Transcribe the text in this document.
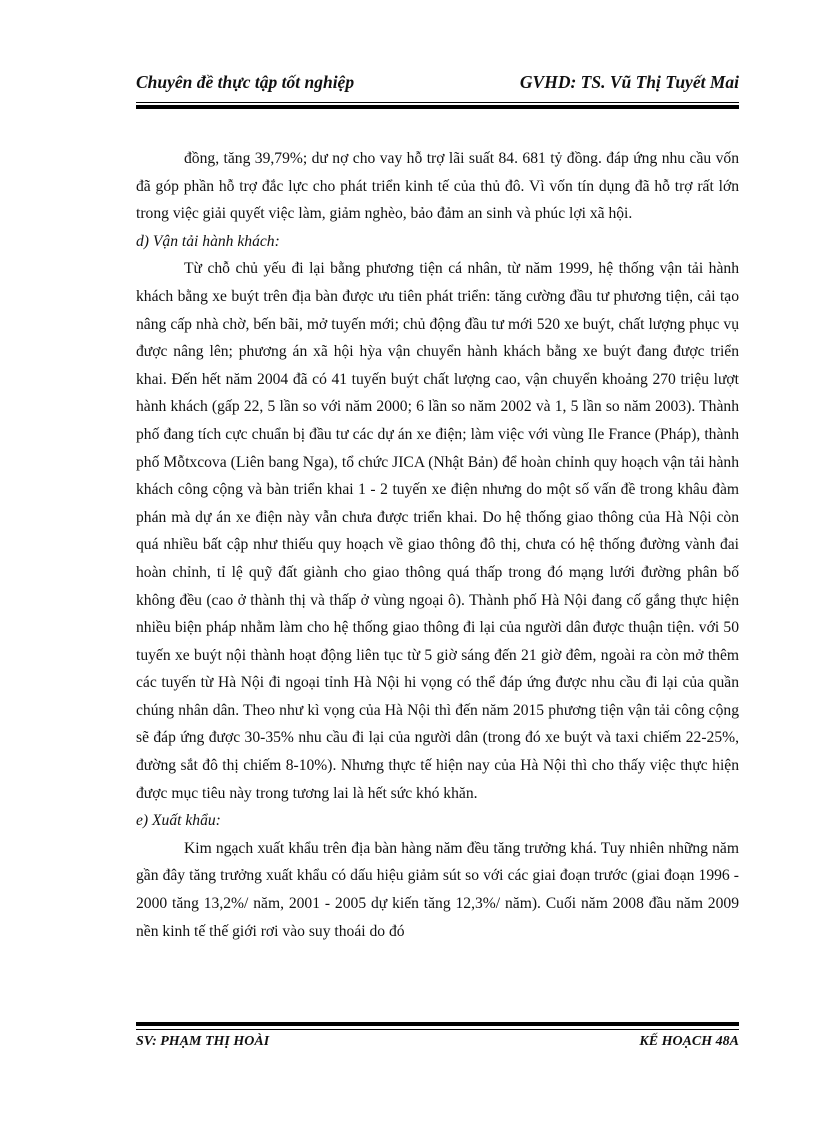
Chuyên đề thực tập tốt nghiệp	GVHD: TS. Vũ Thị Tuyết Mai

đồng, tăng 39,79%; dư nợ cho vay hỗ trợ lãi suất 84. 681 tỷ đồng. đáp ứng nhu cầu vốn đã góp phần hỗ trợ đắc lực cho phát triển kinh tế của thủ đô. Vì vốn tín dụng đã hỗ trợ rất lớn trong việc giải quyết việc làm, giảm nghèo, bảo đảm an sinh và phúc lợi xã hội.

d) Vận tải hành khách:

Từ chỗ chủ yếu đi lại bằng phương tiện cá nhân, từ năm 1999, hệ thống vận tải hành khách bằng xe buýt trên địa bàn được ưu tiên phát triển: tăng cường đầu tư phương tiện, cải tạo nâng cấp nhà chờ, bến bãi, mở tuyến mới; chủ động đầu tư mới 520 xe buýt, chất lượng phục vụ được nâng lên; phương án xã hội hỳa vận chuyển hành khách bằng xe buýt đang được triển khai. Đến hết năm 2004 đã có 41 tuyến buýt chất lượng cao, vận chuyển khoảng 270 triệu lượt hành khách (gấp 22, 5 lần so với năm 2000; 6 lần so năm 2002 và 1, 5 lần so năm 2003). Thành phố đang tích cực chuẩn bị đầu tư các dự án xe điện; làm việc với vùng Ile France (Pháp), thành phố Mỗtxcova (Liên bang Nga), tổ chức JICA (Nhật Bản) để hoàn chỉnh quy hoạch vận tải hành khách công cộng và bàn triển khai 1 - 2 tuyến xe điện nhưng do một số vấn đề trong khâu đàm phán mà dự án xe điện này vẫn chưa được triển khai. Do hệ thống giao thông của Hà Nội còn quá nhiều bất cập như thiếu quy hoạch về giao thông đô thị, chưa có hệ thống đường vành đai hoàn chỉnh, tỉ lệ quỹ đất giành cho giao thông quá thấp trong đó mạng lưới đường phân bố không đều (cao ở thành thị và thấp ở vùng ngoại ô). Thành phố Hà Nội đang cố gắng thực hiện nhiều biện pháp nhằm làm cho hệ thống giao thông đi lại của người dân được thuận tiện. với 50 tuyến xe buýt nội thành hoạt động liên tục từ 5 giờ sáng đến 21 giờ đêm, ngoài ra còn mở thêm các tuyến từ Hà Nội đi ngoại tỉnh Hà Nội hi vọng có thể đáp ứng được nhu cầu đi lại của quần chúng nhân dân. Theo như kì vọng của Hà Nội thì đến năm 2015 phương tiện vận tải công cộng sẽ đáp ứng được 30-35% nhu cầu đi lại của người dân (trong đó xe buýt và taxi chiếm 22-25%, đường sắt đô thị chiếm 8-10%). Nhưng thực tế hiện nay của Hà Nội thì cho thấy việc thực hiện được mục tiêu này trong tương lai là hết sức khó khăn.

e) Xuất khẩu:

Kim ngạch xuất khẩu trên địa bàn hàng năm đều tăng trưởng khá. Tuy nhiên những năm gần đây tăng trưởng xuất khẩu có dấu hiệu giảm sút so với các giai đoạn trước (giai đoạn 1996 - 2000 tăng 13,2%/ năm, 2001 - 2005 dự kiến tăng 12,3%/ năm). Cuối năm 2008 đầu năm 2009 nền kinh tế thế giới rơi vào suy thoái do đó

SV: PHẠM THỊ HOÀI	KẾ HOẠCH 48A
